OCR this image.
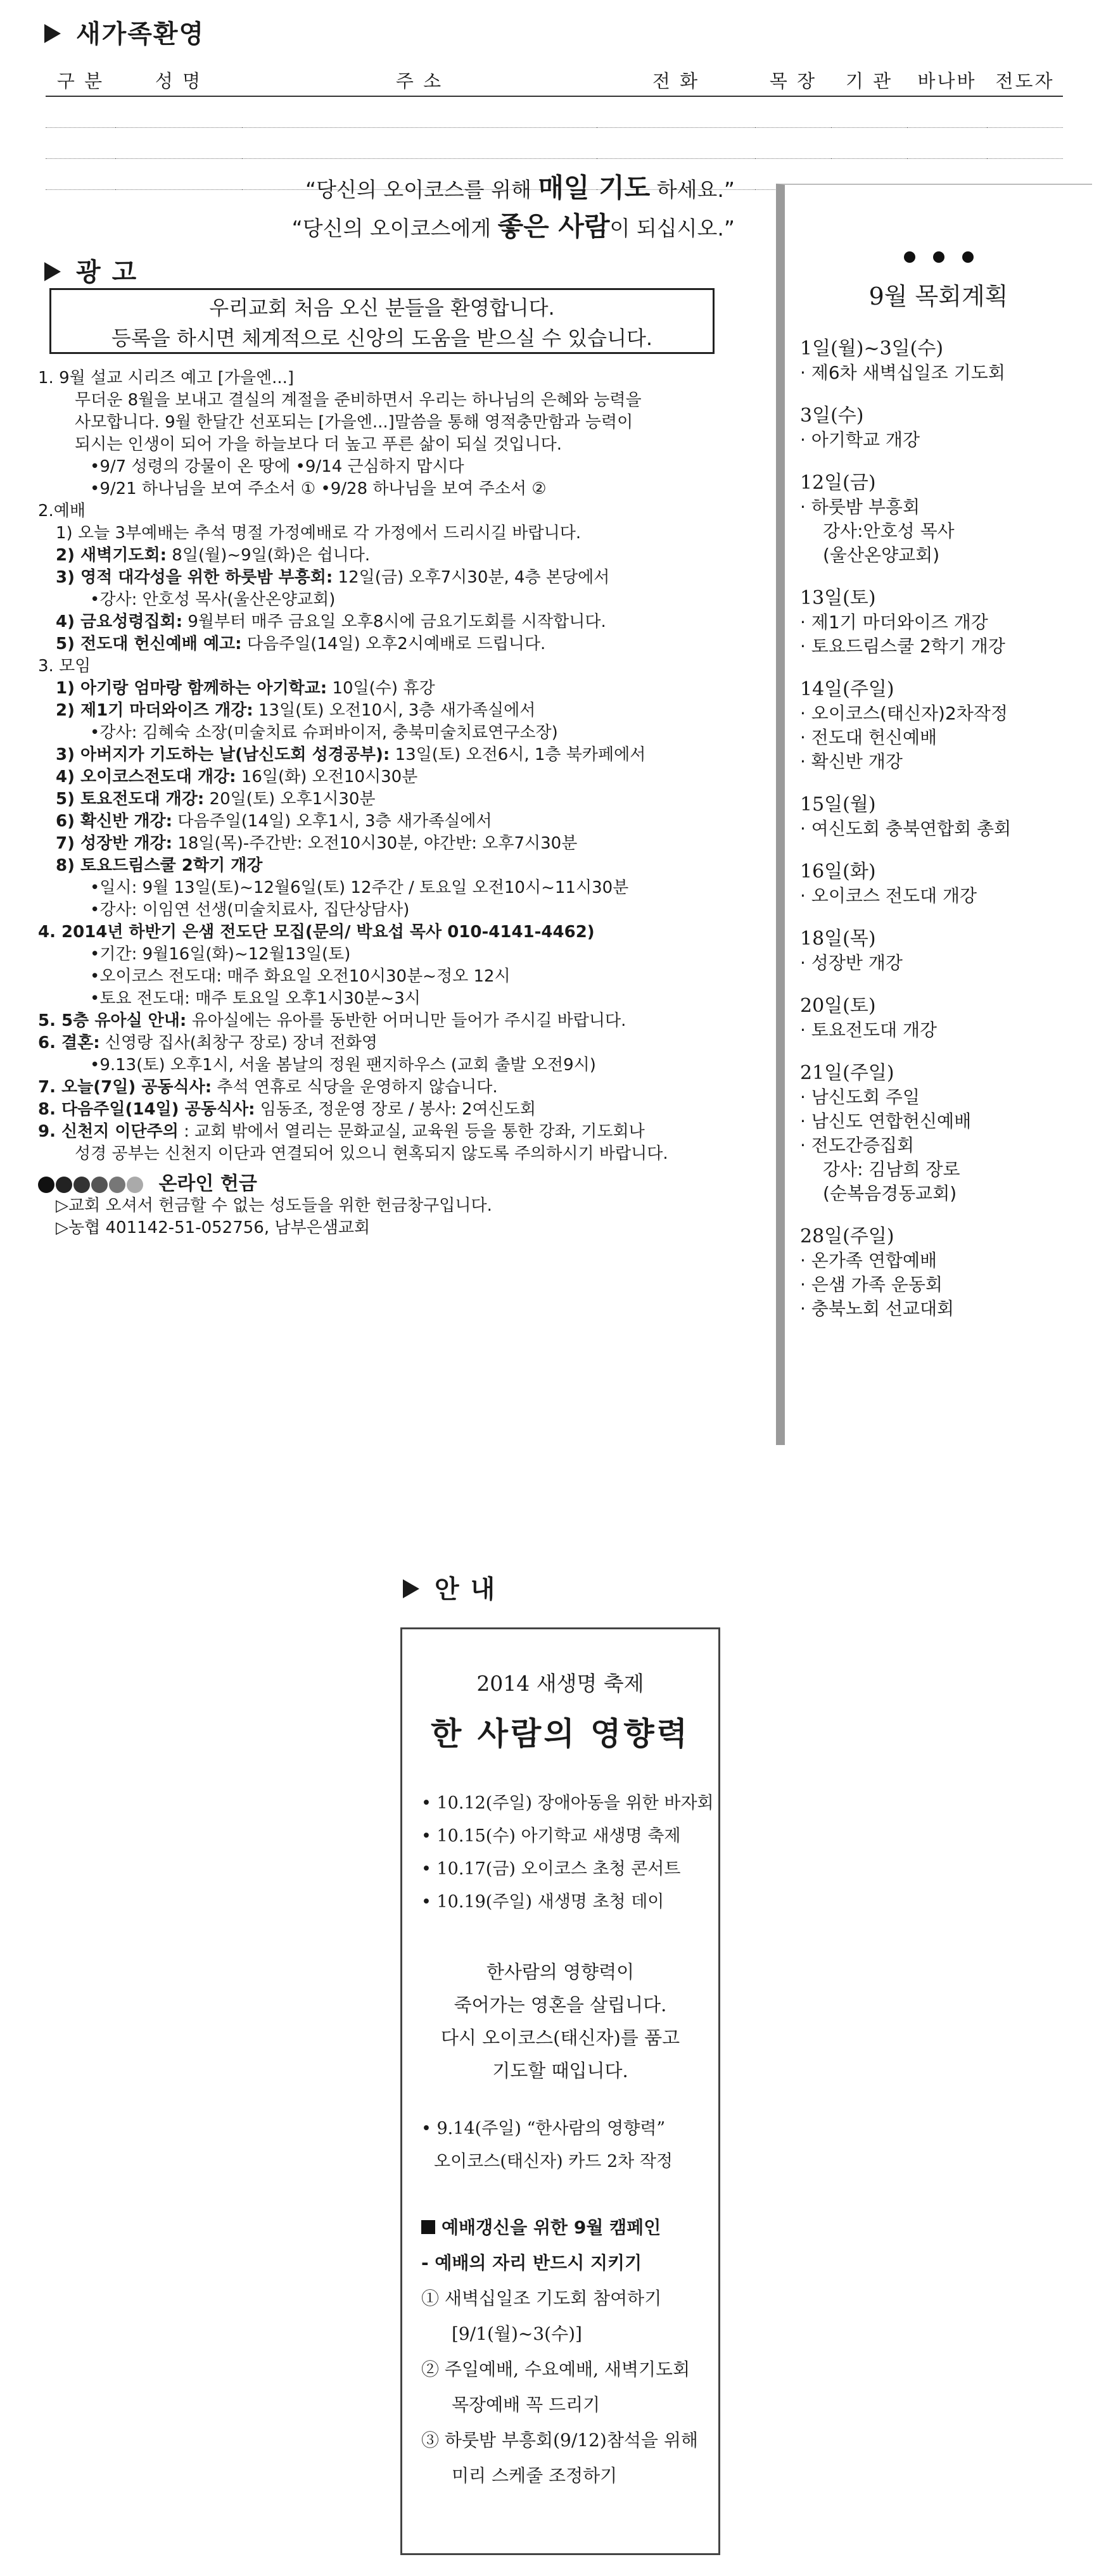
새가족환영
구 분	성 명	주 소	전 화	목 장	기 관	바나바	전도자

“당신의 오이코스를 위해 매일 기도 하세요.”
“당신의 오이코스에게 좋은 사람이 되십시오.”
광 고
우리교회 처음 오신 분들을 환영합니다.
등록을 하시면 체계적으로 신앙의 도움을 받으실 수 있습니다.
1. 9월 설교 시리즈 예고 [가을엔...]
무더운 8월을 보내고 결실의 계절을 준비하면서 우리는 하나님의 은혜와 능력을
사모합니다. 9월 한달간 선포되는 [가을엔...]말씀을 통해 영적충만함과 능력이
되시는 인생이 되어 가을 하늘보다 더 높고 푸른 삶이 되실 것입니다.
•9/7 성령의 강물이 온 땅에 •9/14 근심하지 맙시다
•9/21 하나님을 보여 주소서 ① •9/28 하나님을 보여 주소서 ②
2.예배
1) 오늘 3부예배는 추석 명절 가정예배로 각 가정에서 드리시길 바랍니다.
2) 새벽기도회: 8일(월)~9일(화)은 쉽니다.
3) 영적 대각성을 위한 하룻밤 부흥회: 12일(금) 오후7시30분, 4층 본당에서
•강사: 안호성 목사(울산온양교회)
4) 금요성령집회: 9월부터 매주 금요일 오후8시에 금요기도회를 시작합니다.
5) 전도대 헌신예배 예고: 다음주일(14일) 오후2시예배로 드립니다.
3. 모임
1) 아기랑 엄마랑 함께하는 아기학교: 10일(수) 휴강
2) 제1기 마더와이즈 개강: 13일(토) 오전10시, 3층 새가족실에서
•강사: 김혜숙 소장(미술치료 슈퍼바이저, 충북미술치료연구소장)
3) 아버지가 기도하는 날(남신도회 성경공부): 13일(토) 오전6시, 1층 북카페에서
4) 오이코스전도대 개강: 16일(화) 오전10시30분
5) 토요전도대 개강: 20일(토) 오후1시30분
6) 확신반 개강: 다음주일(14일) 오후1시, 3층 새가족실에서
7) 성장반 개강: 18일(목)-주간반: 오전10시30분, 야간반: 오후7시30분
8) 토요드림스쿨 2학기 개강
•일시: 9월 13일(토)~12월6일(토) 12주간 / 토요일 오전10시~11시30분
•강사: 이임연 선생(미술치료사, 집단상담사)
4. 2014년 하반기 은샘 전도단 모집(문의/ 박요섭 목사 010-4141-4462)
•기간: 9월16일(화)~12월13일(토)
•오이코스 전도대: 매주 화요일 오전10시30분~정오 12시
•토요 전도대: 매주 토요일 오후1시30분~3시
5. 5층 유아실 안내: 유아실에는 유아를 동반한 어머니만 들어가 주시길 바랍니다.
6. 결혼: 신영랑 집사(최창구 장로) 장녀 전화영
•9.13(토) 오후1시, 서울 봄날의 정원 팬지하우스 (교회 출발 오전9시)
7. 오늘(7일) 공동식사: 추석 연휴로 식당을 운영하지 않습니다.
8. 다음주일(14일) 공동식사: 임동조, 정운영 장로 / 봉사: 2여신도회
9. 신천지 이단주의 : 교회 밖에서 열리는 문화교실, 교육원 등을 통한 강좌, 기도회나
성경 공부는 신천지 이단과 연결되어 있으니 현혹되지 않도록 주의하시기 바랍니다.
온라인 헌금
▷교회 오셔서 헌금할 수 없는 성도들을 위한 헌금창구입니다.
▷농협 401142-51-052756, 남부은샘교회
9월 목회계획
1일(월)~3일(수)
· 제6차 새벽십일조 기도회
3일(수)
· 아기학교 개강
12일(금)
· 하룻밤 부흥회
강사:안호성 목사
(울산온양교회)
13일(토)
· 제1기 마더와이즈 개강
· 토요드림스쿨 2학기 개강
14일(주일)
· 오이코스(태신자)2차작정
· 전도대 헌신예배
· 확신반 개강
15일(월)
· 여신도회 충북연합회 총회
16일(화)
· 오이코스 전도대 개강
18일(목)
· 성장반 개강
20일(토)
· 토요전도대 개강
21일(주일)
· 남신도회 주일
· 남신도 연합헌신예배
· 전도간증집회
강사: 김남희 장로
(순복음경동교회)
28일(주일)
· 온가족 연합예배
· 은샘 가족 운동회
· 충북노회 선교대회
안 내
2014 새생명 축제
한 사람의 영향력
• 10.12(주일) 장애아동을 위한 바자회
• 10.15(수) 아기학교 새생명 축제
• 10.17(금) 오이코스 초청 콘서트
• 10.19(주일) 새생명 초청 데이
한사람의 영향력이
죽어가는 영혼을 살립니다.
다시 오이코스(태신자)를 품고
기도할 때입니다.
• 9.14(주일) “한사람의 영향력”
오이코스(태신자) 카드 2차 작정
예배갱신을 위한 9월 캠페인
- 예배의 자리 반드시 지키기
① 새벽십일조 기도회 참여하기
[9/1(월)~3(수)]
② 주일예배, 수요예배, 새벽기도회
목장예배 꼭 드리기
③ 하룻밤 부흥회(9/12)참석을 위해
미리 스케줄 조정하기
